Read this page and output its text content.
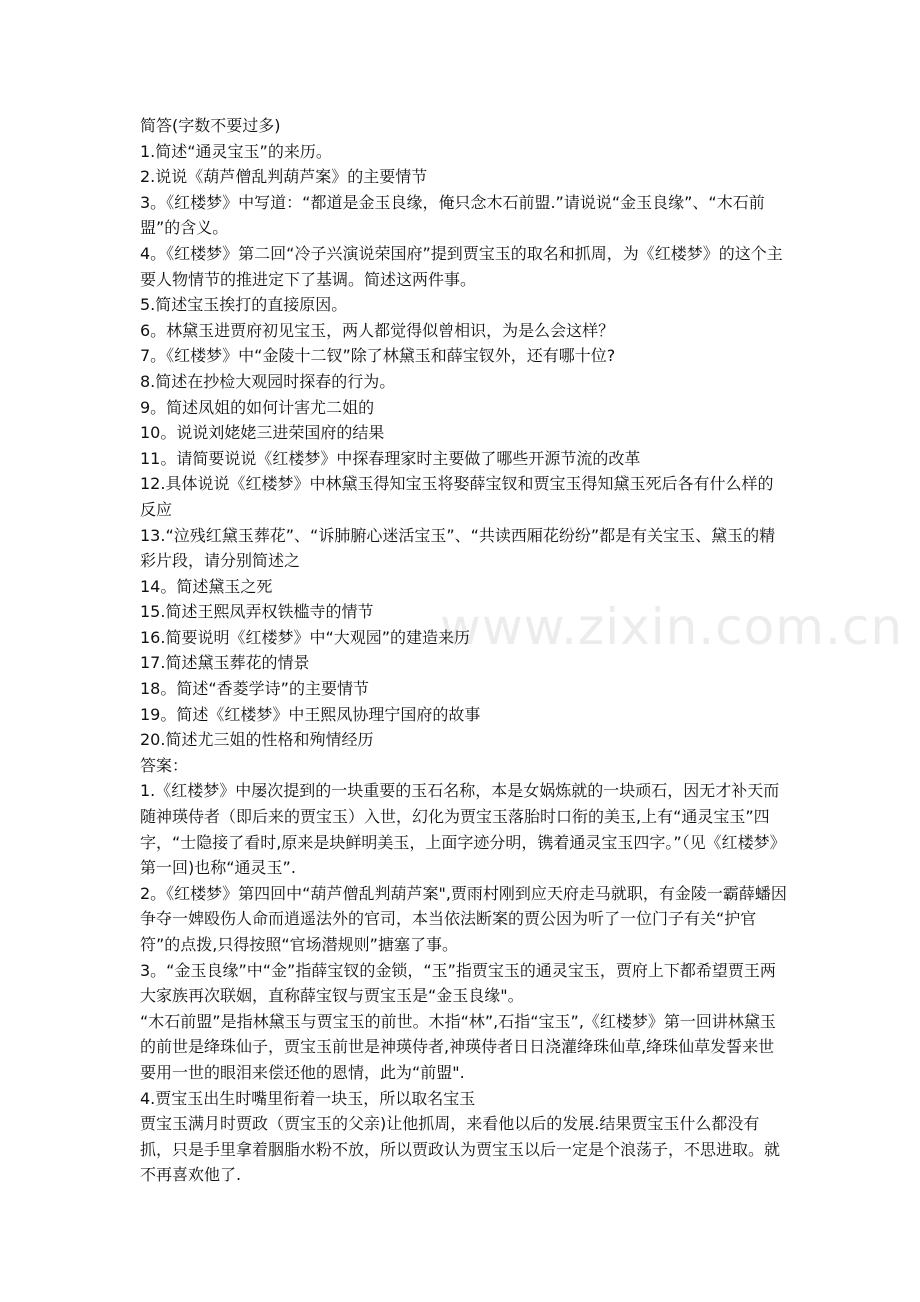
www.zixin.com.cn

简答(字数不要过多)

1.简述“通灵宝玉”的来历。

2.说说《葫芦僧乱判葫芦案》的主要情节

3。《红楼梦》中写道：“都道是金玉良缘，俺只念木石前盟.”请说说“金玉良缘”、“木石前盟”的含义。

4。《红楼梦》第二回“冷子兴演说荣国府”提到贾宝玉的取名和抓周，为《红楼梦》的这个主要人物情节的推进定下了基调。简述这两件事。

5.简述宝玉挨打的直接原因。

6。林黛玉进贾府初见宝玉，两人都觉得似曾相识，为是么会这样？

7。《红楼梦》中“金陵十二钗”除了林黛玉和薛宝钗外，还有哪十位?

8.简述在抄检大观园时探春的行为。

9。简述凤姐的如何计害尤二姐的

10。说说刘姥姥三进荣国府的结果

11。请简要说说《红楼梦》中探春理家时主要做了哪些开源节流的改革

12.具体说说《红楼梦》中林黛玉得知宝玉将娶薛宝钗和贾宝玉得知黛玉死后各有什么样的反应

13.“泣残红黛玉葬花”、“诉肺腑心迷活宝玉”、“共读西厢花纷纷”都是有关宝玉、黛玉的精彩片段，请分别简述之

14。简述黛玉之死

15.简述王熙凤弄权铁槛寺的情节

16.简要说明《红楼梦》中“大观园”的建造来历

17.简述黛玉葬花的情景

18。简述“香菱学诗”的主要情节

19。简述《红楼梦》中王熙凤协理宁国府的故事

20.简述尤三姐的性格和殉情经历

答案：

1.《红楼梦》中屡次提到的一块重要的玉石名称，本是女娲炼就的一块顽石，因无才补天而随神瑛侍者（即后来的贾宝玉）入世，幻化为贾宝玉落胎时口衔的美玉,上有“通灵宝玉”四字，“士隐接了看时,原来是块鲜明美玉，上面字迹分明，镌着通灵宝玉四字。”（见《红楼梦》第一回)也称“通灵玉”.

2。《红楼梦》第四回中“葫芦僧乱判葫芦案",贾雨村刚到应天府走马就职，有金陵一霸薛蟠因争夺一婢殴伤人命而逍遥法外的官司，本当依法断案的贾公因为听了一位门子有关“护官符”的点拨,只得按照“官场潜规则”搪塞了事。

3。“金玉良缘”中“金”指薛宝钗的金锁，“玉”指贾宝玉的通灵宝玉，贾府上下都希望贾王两大家族再次联姻，直称薛宝钗与贾宝玉是“金玉良缘"。

“木石前盟”是指林黛玉与贾宝玉的前世。木指“林”,石指“宝玉”,《红楼梦》第一回讲林黛玉的前世是绛珠仙子，贾宝玉前世是神瑛侍者,神瑛侍者日日浇灌绛珠仙草,绛珠仙草发誓来世要用一世的眼泪来偿还他的恩情，此为“前盟".

4.贾宝玉出生时嘴里衔着一块玉，所以取名宝玉

贾宝玉满月时贾政（贾宝玉的父亲)让他抓周，来看他以后的发展.结果贾宝玉什么都没有抓，只是手里拿着胭脂水粉不放，所以贾政认为贾宝玉以后一定是个浪荡子，不思进取。就不再喜欢他了.
